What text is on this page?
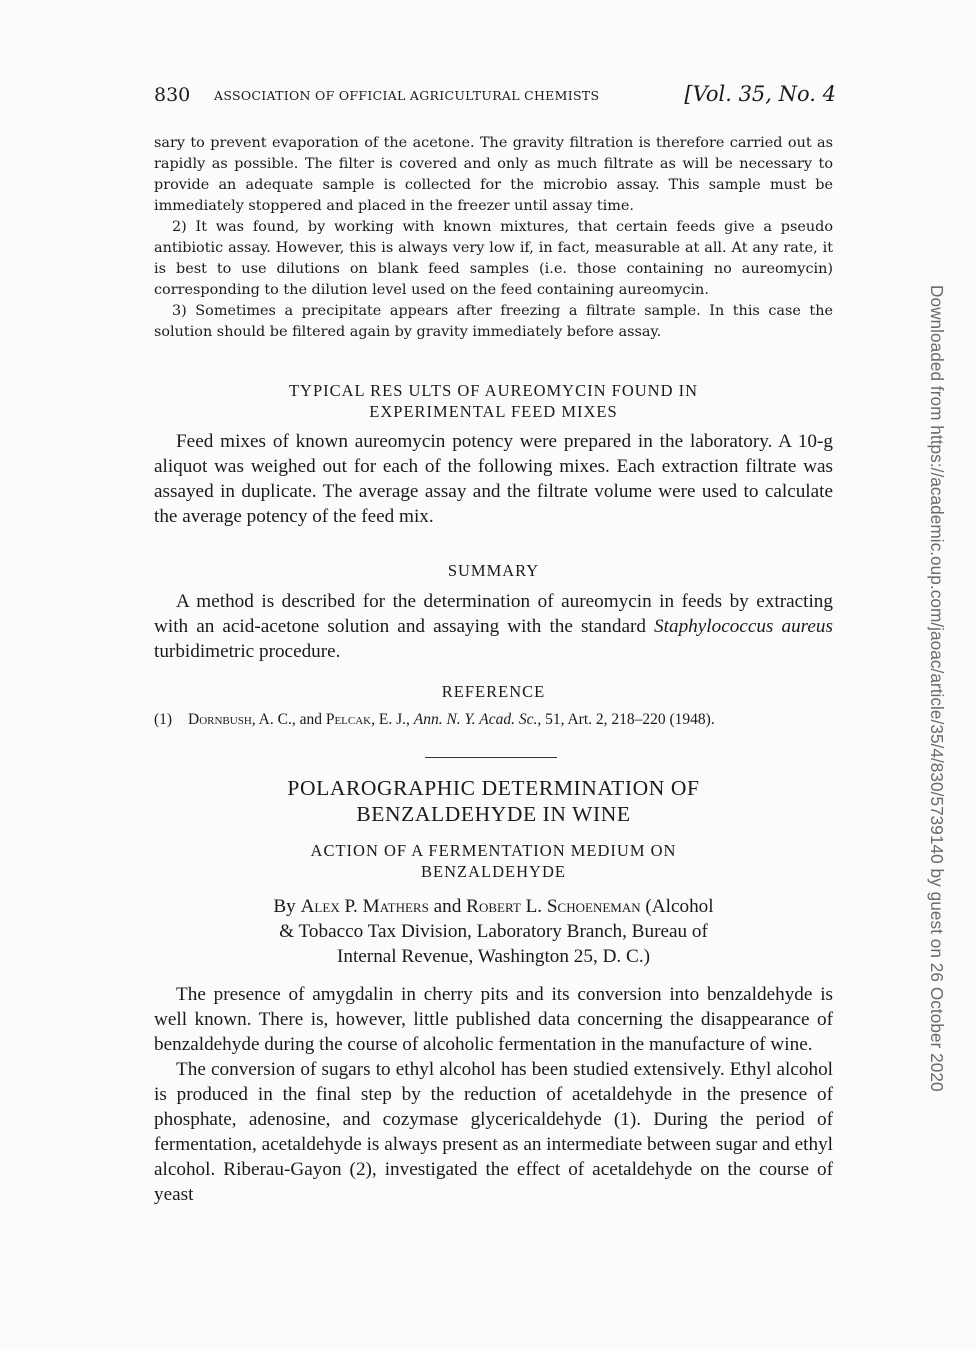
830 ASSOCIATION OF OFFICIAL AGRICULTURAL CHEMISTS	[Vol. 35, No. 4

sary to prevent evaporation of the acetone. The gravity filtration is therefore carried out as rapidly as possible. The filter is covered and only as much filtrate as will be necessary to provide an adequate sample is collected for the microbio assay. This sample must be immediately stoppered and placed in the freezer until assay time.

2) It was found, by working with known mixtures, that certain feeds give a pseudo antibiotic assay. However, this is always very low if, in fact, measurable at all. At any rate, it is best to use dilutions on blank feed samples (i.e. those containing no aureomycin) corresponding to the dilution level used on the feed containing aureomycin.

3) Sometimes a precipitate appears after freezing a filtrate sample. In this case the solution should be filtered again by gravity immediately before assay.

TYPICAL RES ULTS OF AUREOMYCIN FOUND IN
EXPERIMENTAL FEED MIXES

Feed mixes of known aureomycin potency were prepared in the laboratory. A 10-g aliquot was weighed out for each of the following mixes. Each extraction filtrate was assayed in duplicate. The average assay and the filtrate volume were used to calculate the average potency of the feed mix.

SUMMARY

A method is described for the determination of aureomycin in feeds by extracting with an acid-acetone solution and assaying with the standard Staphylococcus aureus turbidimetric procedure.

REFERENCE
(1) Dornbush, A. C., and Pelcak, E. J., Ann. N. Y. Acad. Sc., 51, Art. 2, 218–220 (1948).
POLAROGRAPHIC DETERMINATION OF
BENZALDEHYDE IN WINE
ACTION OF A FERMENTATION MEDIUM ON
BENZALDEHYDE
By Alex P. Mathers and Robert L. Schoeneman (Alcohol
& Tobacco Tax Division, Laboratory Branch, Bureau of
Internal Revenue, Washington 25, D. C.)

The presence of amygdalin in cherry pits and its conversion into benzaldehyde is well known. There is, however, little published data concerning the disappearance of benzaldehyde during the course of alcoholic fermentation in the manufacture of wine.

The conversion of sugars to ethyl alcohol has been studied extensively. Ethyl alcohol is produced in the final step by the reduction of acetaldehyde in the presence of phosphate, adenosine, and cozymase glycericaldehyde (1). During the period of fermentation, acetaldehyde is always present as an intermediate between sugar and ethyl alcohol. Riberau-Gayon (2), investigated the effect of acetaldehyde on the course of yeast

Downloaded from https://academic.oup.com/jaoac/article/35/4/830/5739140 by guest on 26 October 2020
